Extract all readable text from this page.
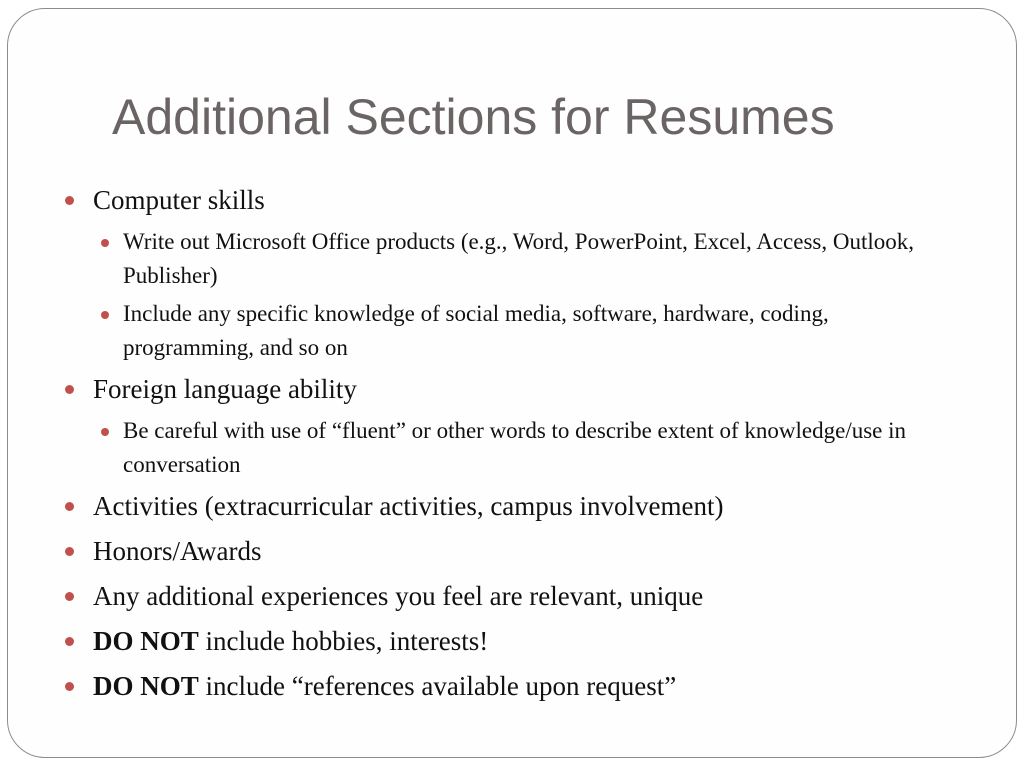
Additional Sections for Resumes
Computer skills
Write out Microsoft Office products (e.g., Word, PowerPoint, Excel, Access, Outlook, Publisher)
Include any specific knowledge of social media, software, hardware, coding, programming, and so on
Foreign language ability
Be careful with use of “fluent” or other words to describe extent of knowledge/use in conversation
Activities (extracurricular activities, campus involvement)
Honors/Awards
Any additional experiences you feel are relevant, unique
DO NOT include hobbies, interests!
DO NOT include “references available upon request”
